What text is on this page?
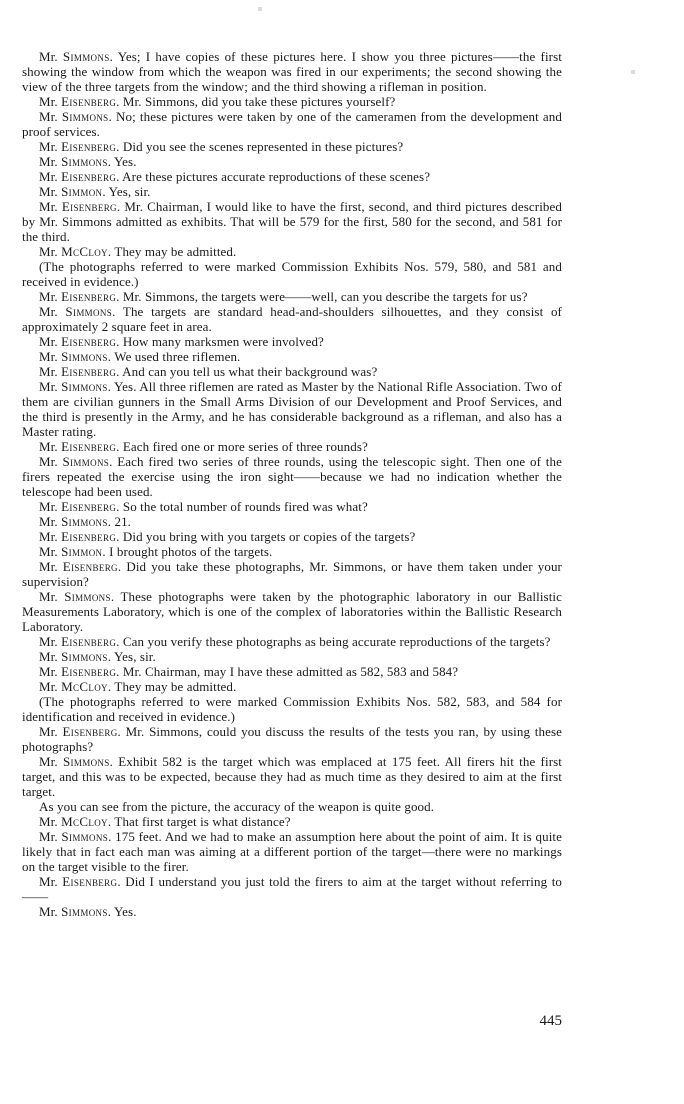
Mr. Simmons. Yes; I have copies of these pictures here. I show you three pictures——the first showing the window from which the weapon was fired in our experiments; the second showing the view of the three targets from the window; and the third showing a rifleman in position.

Mr. Eisenberg. Mr. Simmons, did you take these pictures yourself?

Mr. Simmons. No; these pictures were taken by one of the cameramen from the development and proof services.

Mr. Eisenberg. Did you see the scenes represented in these pictures?

Mr. Simmons. Yes.

Mr. Eisenberg. Are these pictures accurate reproductions of these scenes?

Mr. Simmon. Yes, sir.

Mr. Eisenberg. Mr. Chairman, I would like to have the first, second, and third pictures described by Mr. Simmons admitted as exhibits. That will be 579 for the first, 580 for the second, and 581 for the third.

Mr. McCloy. They may be admitted.

(The photographs referred to were marked Commission Exhibits Nos. 579, 580, and 581 and received in evidence.)

Mr. Eisenberg. Mr. Simmons, the targets were——well, can you describe the targets for us?

Mr. Simmons. The targets are standard head-and-shoulders silhouettes, and they consist of approximately 2 square feet in area.

Mr. Eisenberg. How many marksmen were involved?

Mr. Simmons. We used three riflemen.

Mr. Eisenberg. And can you tell us what their background was?

Mr. Simmons. Yes. All three riflemen are rated as Master by the National Rifle Association. Two of them are civilian gunners in the Small Arms Division of our Development and Proof Services, and the third is presently in the Army, and he has considerable background as a rifleman, and also has a Master rating.

Mr. Eisenberg. Each fired one or more series of three rounds?

Mr. Simmons. Each fired two series of three rounds, using the telescopic sight. Then one of the firers repeated the exercise using the iron sight——because we had no indication whether the telescope had been used.

Mr. Eisenberg. So the total number of rounds fired was what?

Mr. Simmons. 21.

Mr. Eisenberg. Did you bring with you targets or copies of the targets?

Mr. Simmon. I brought photos of the targets.

Mr. Eisenberg. Did you take these photographs, Mr. Simmons, or have them taken under your supervision?

Mr. Simmons. These photographs were taken by the photographic laboratory in our Ballistic Measurements Laboratory, which is one of the complex of laboratories within the Ballistic Research Laboratory.

Mr. Eisenberg. Can you verify these photographs as being accurate reproductions of the targets?

Mr. Simmons. Yes, sir.

Mr. Eisenberg. Mr. Chairman, may I have these admitted as 582, 583 and 584?

Mr. McCloy. They may be admitted.

(The photographs referred to were marked Commission Exhibits Nos. 582, 583, and 584 for identification and received in evidence.)

Mr. Eisenberg. Mr. Simmons, could you discuss the results of the tests you ran, by using these photographs?

Mr. Simmons. Exhibit 582 is the target which was emplaced at 175 feet. All firers hit the first target, and this was to be expected, because they had as much time as they desired to aim at the first target.

As you can see from the picture, the accuracy of the weapon is quite good.

Mr. McCloy. That first target is what distance?

Mr. Simmons. 175 feet. And we had to make an assumption here about the point of aim. It is quite likely that in fact each man was aiming at a different portion of the target—there were no markings on the target visible to the firer.

Mr. Eisenberg. Did I understand you just told the firers to aim at the target without referring to——

Mr. Simmons. Yes.

445
